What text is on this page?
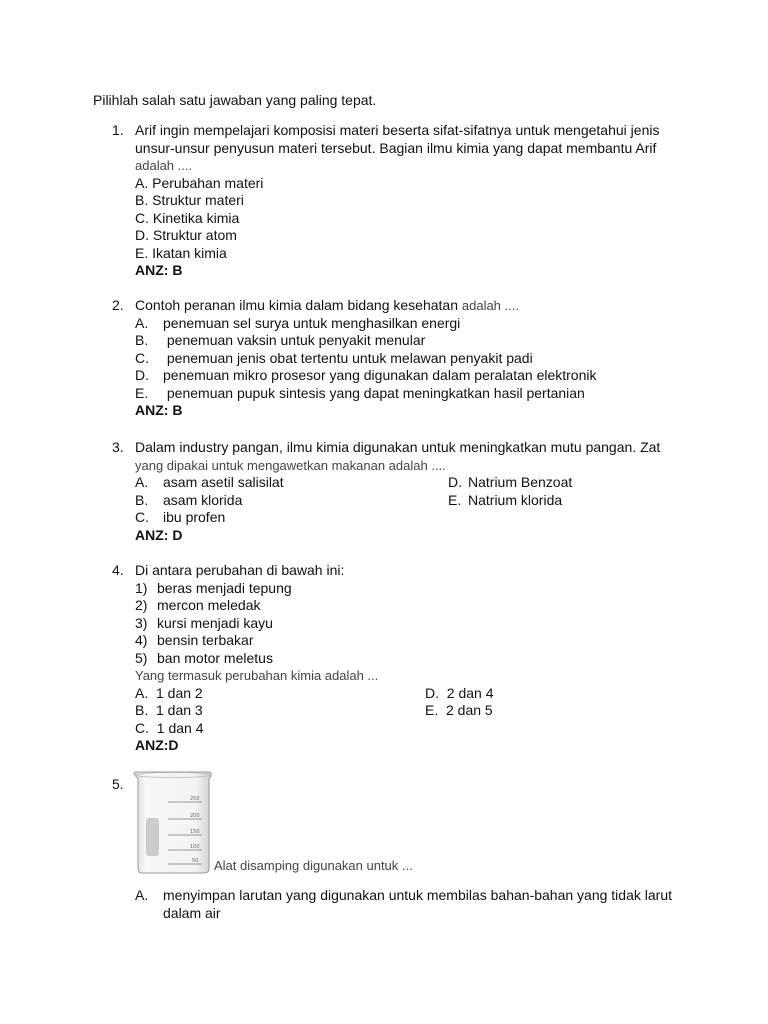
Pilihlah salah satu jawaban yang paling tepat.
1. Arif ingin mempelajari komposisi materi beserta sifat-sifatnya untuk mengetahui jenis
unsur-unsur penyusun materi tersebut. Bagian ilmu kimia yang dapat membantu Arif
adalah ....
A. Perubahan materi
B. Struktur materi
C. Kinetika kimia
D. Struktur atom
E. Ikatan kimia
ANZ: B
2. Contoh peranan ilmu kimia dalam bidang kesehatan adalah ....
A. penemuan sel surya untuk menghasilkan energi
B. penemuan vaksin untuk penyakit menular
C. penemuan jenis obat tertentu untuk melawan penyakit padi
D. penemuan mikro prosesor yang digunakan dalam peralatan elektronik
E. penemuan pupuk sintesis yang dapat meningkatkan hasil pertanian
ANZ: B
3. Dalam industry pangan, ilmu kimia digunakan untuk meningkatkan mutu pangan. Zat
yang dipakai untuk mengawetkan makanan adalah ....
A. asam asetil salisilat
B. asam klorida
C. ibu profen
D. Natrium Benzoat
E. Natrium klorida
ANZ: D
4. Di antara perubahan di bawah ini:
1) beras menjadi tepung
2) mercon meledak
3) kursi menjadi kayu
4) bensin terbakar
5) ban motor meletus
Yang termasuk perubahan kimia adalah ...
A.  1 dan 2
B.  1 dan 3
C.  1 dan 4
D.  2 dan 4
E.  2 dan 5
ANZ:D
5.
250
200
150
100
50 Alat disamping digunakan untuk ...
A. menyimpan larutan yang digunakan untuk membilas bahan-bahan yang tidak larut
dalam air
